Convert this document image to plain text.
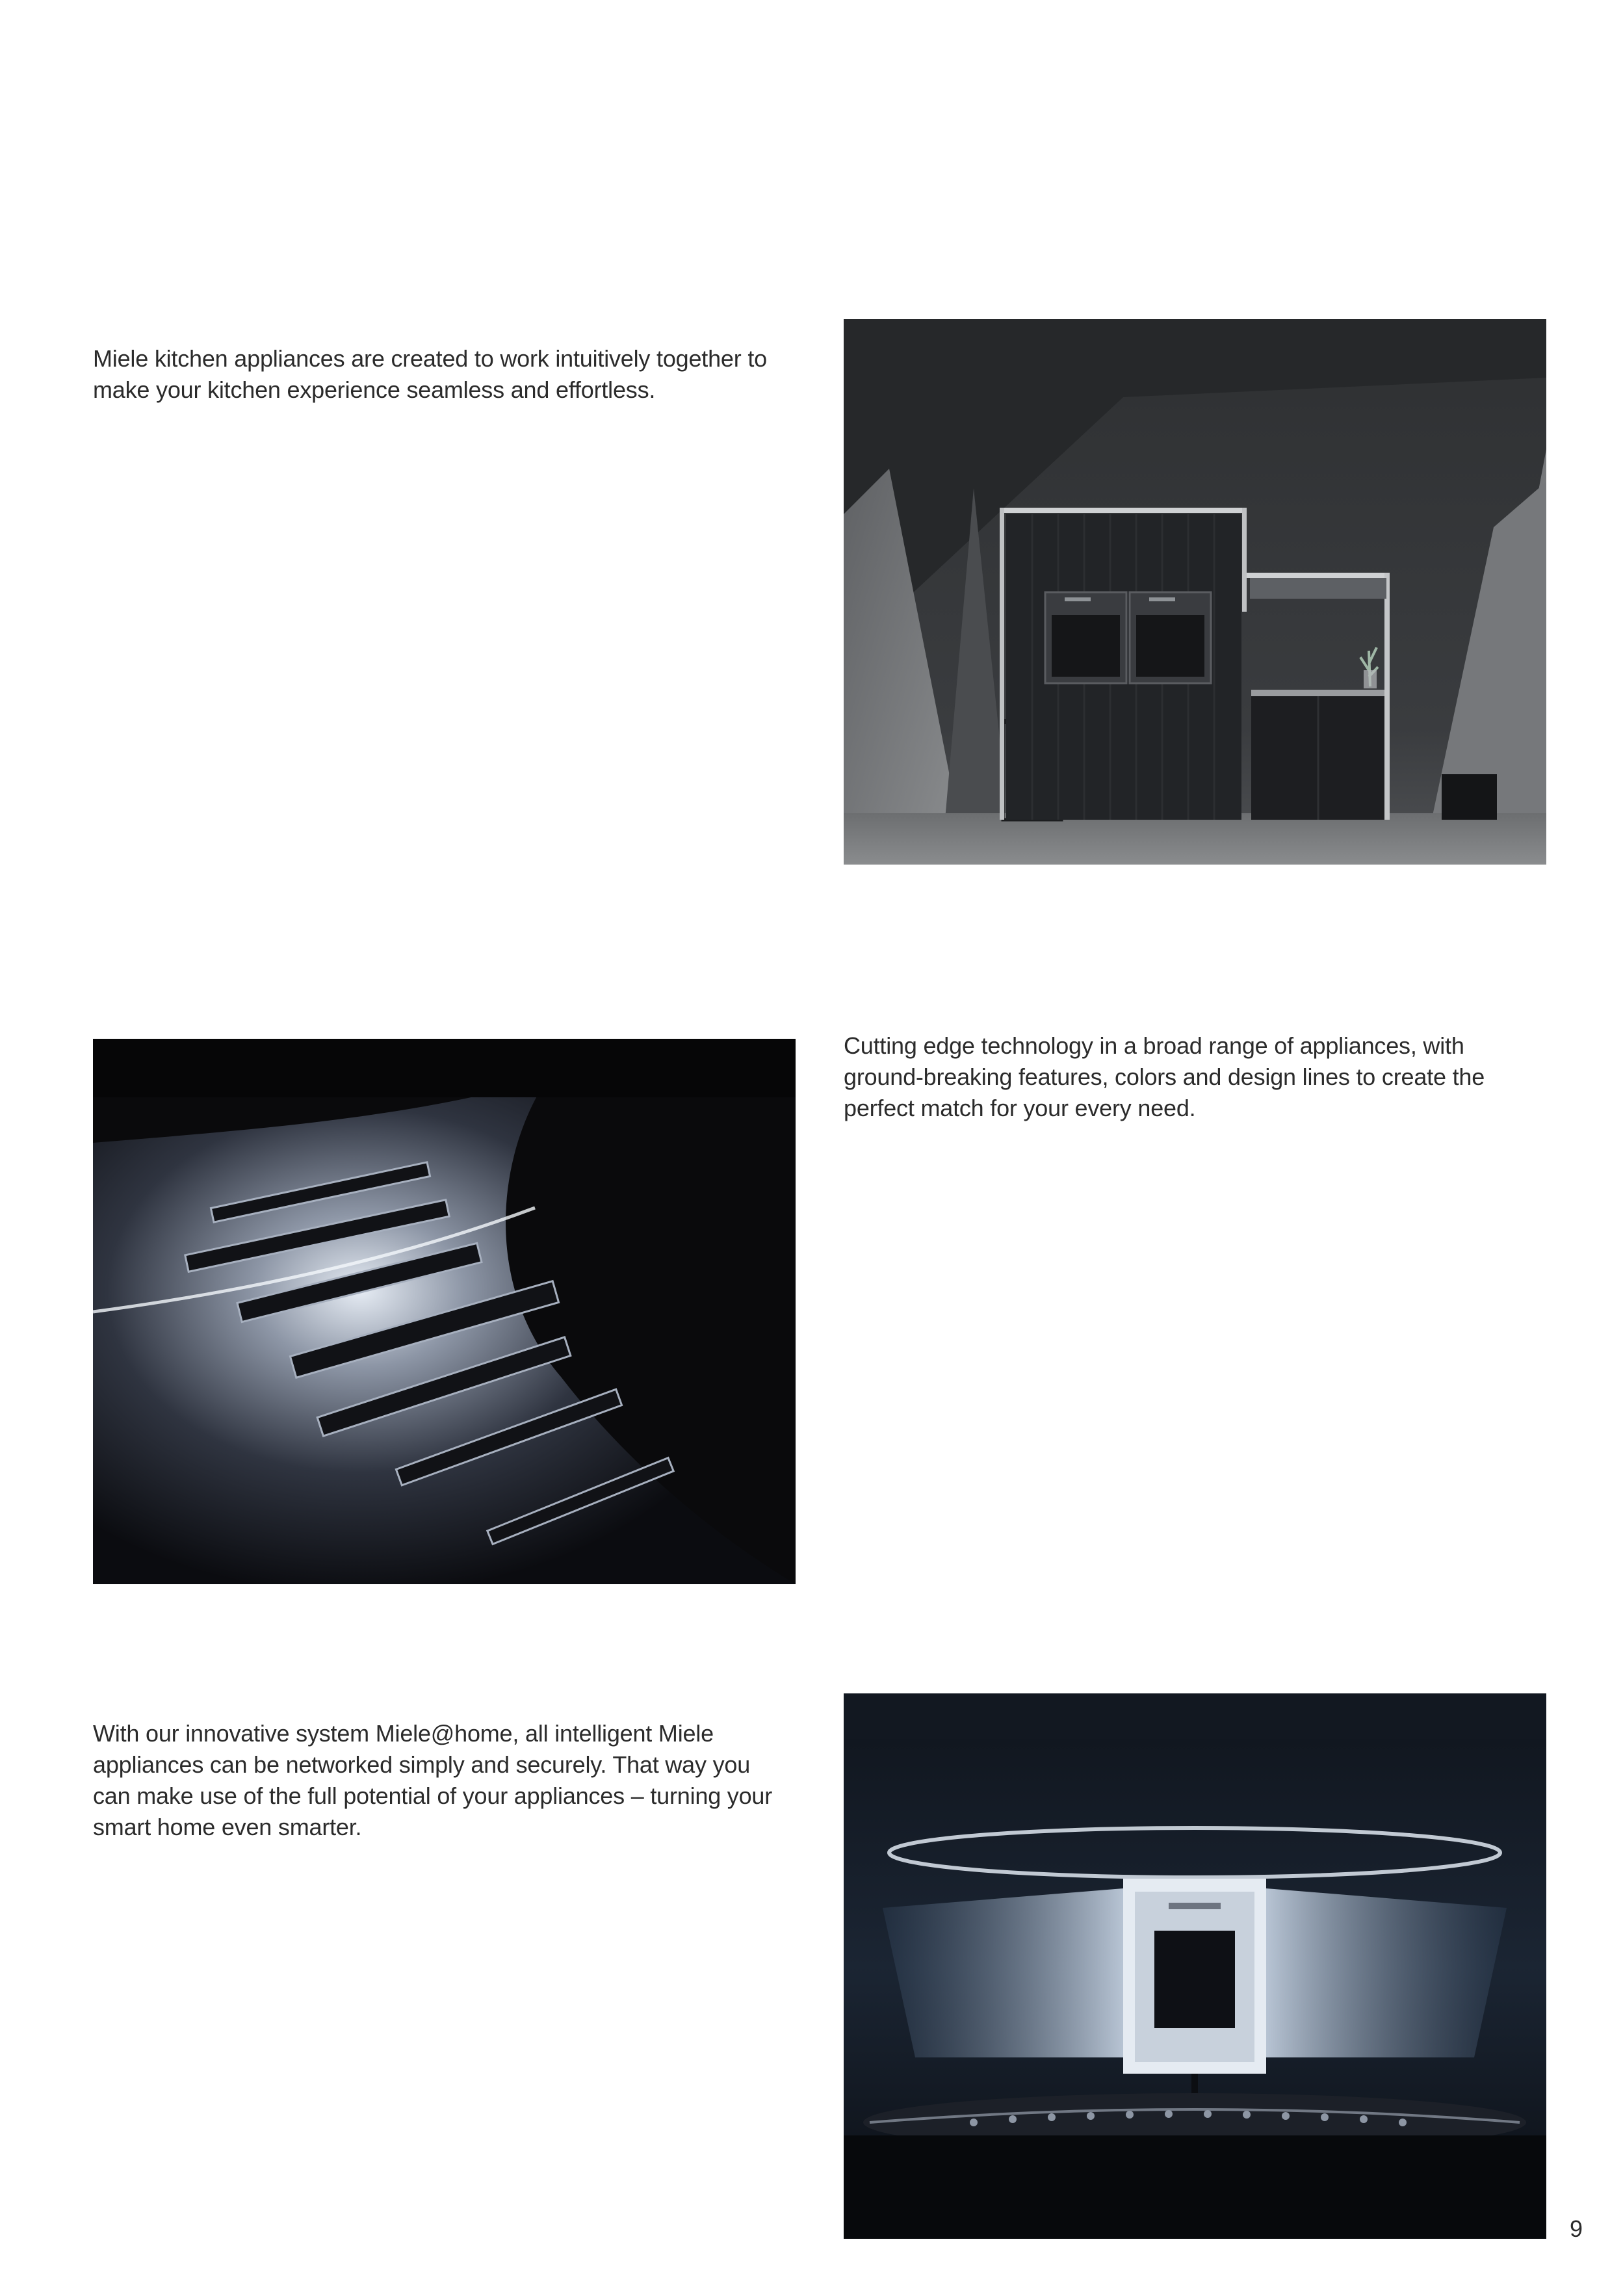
Miele kitchen appliances are created to work intuitively together to make your kitchen experience seamless and effortless.

Cutting edge technology in a broad range of appliances, with ground-breaking features, colors and design lines to create the perfect match for your every need.

With our innovative system Miele@home, all intelligent Miele appliances can be networked simply and securely. That way you can make use of the full potential of your appliances – turning your smart home even smarter.

9
